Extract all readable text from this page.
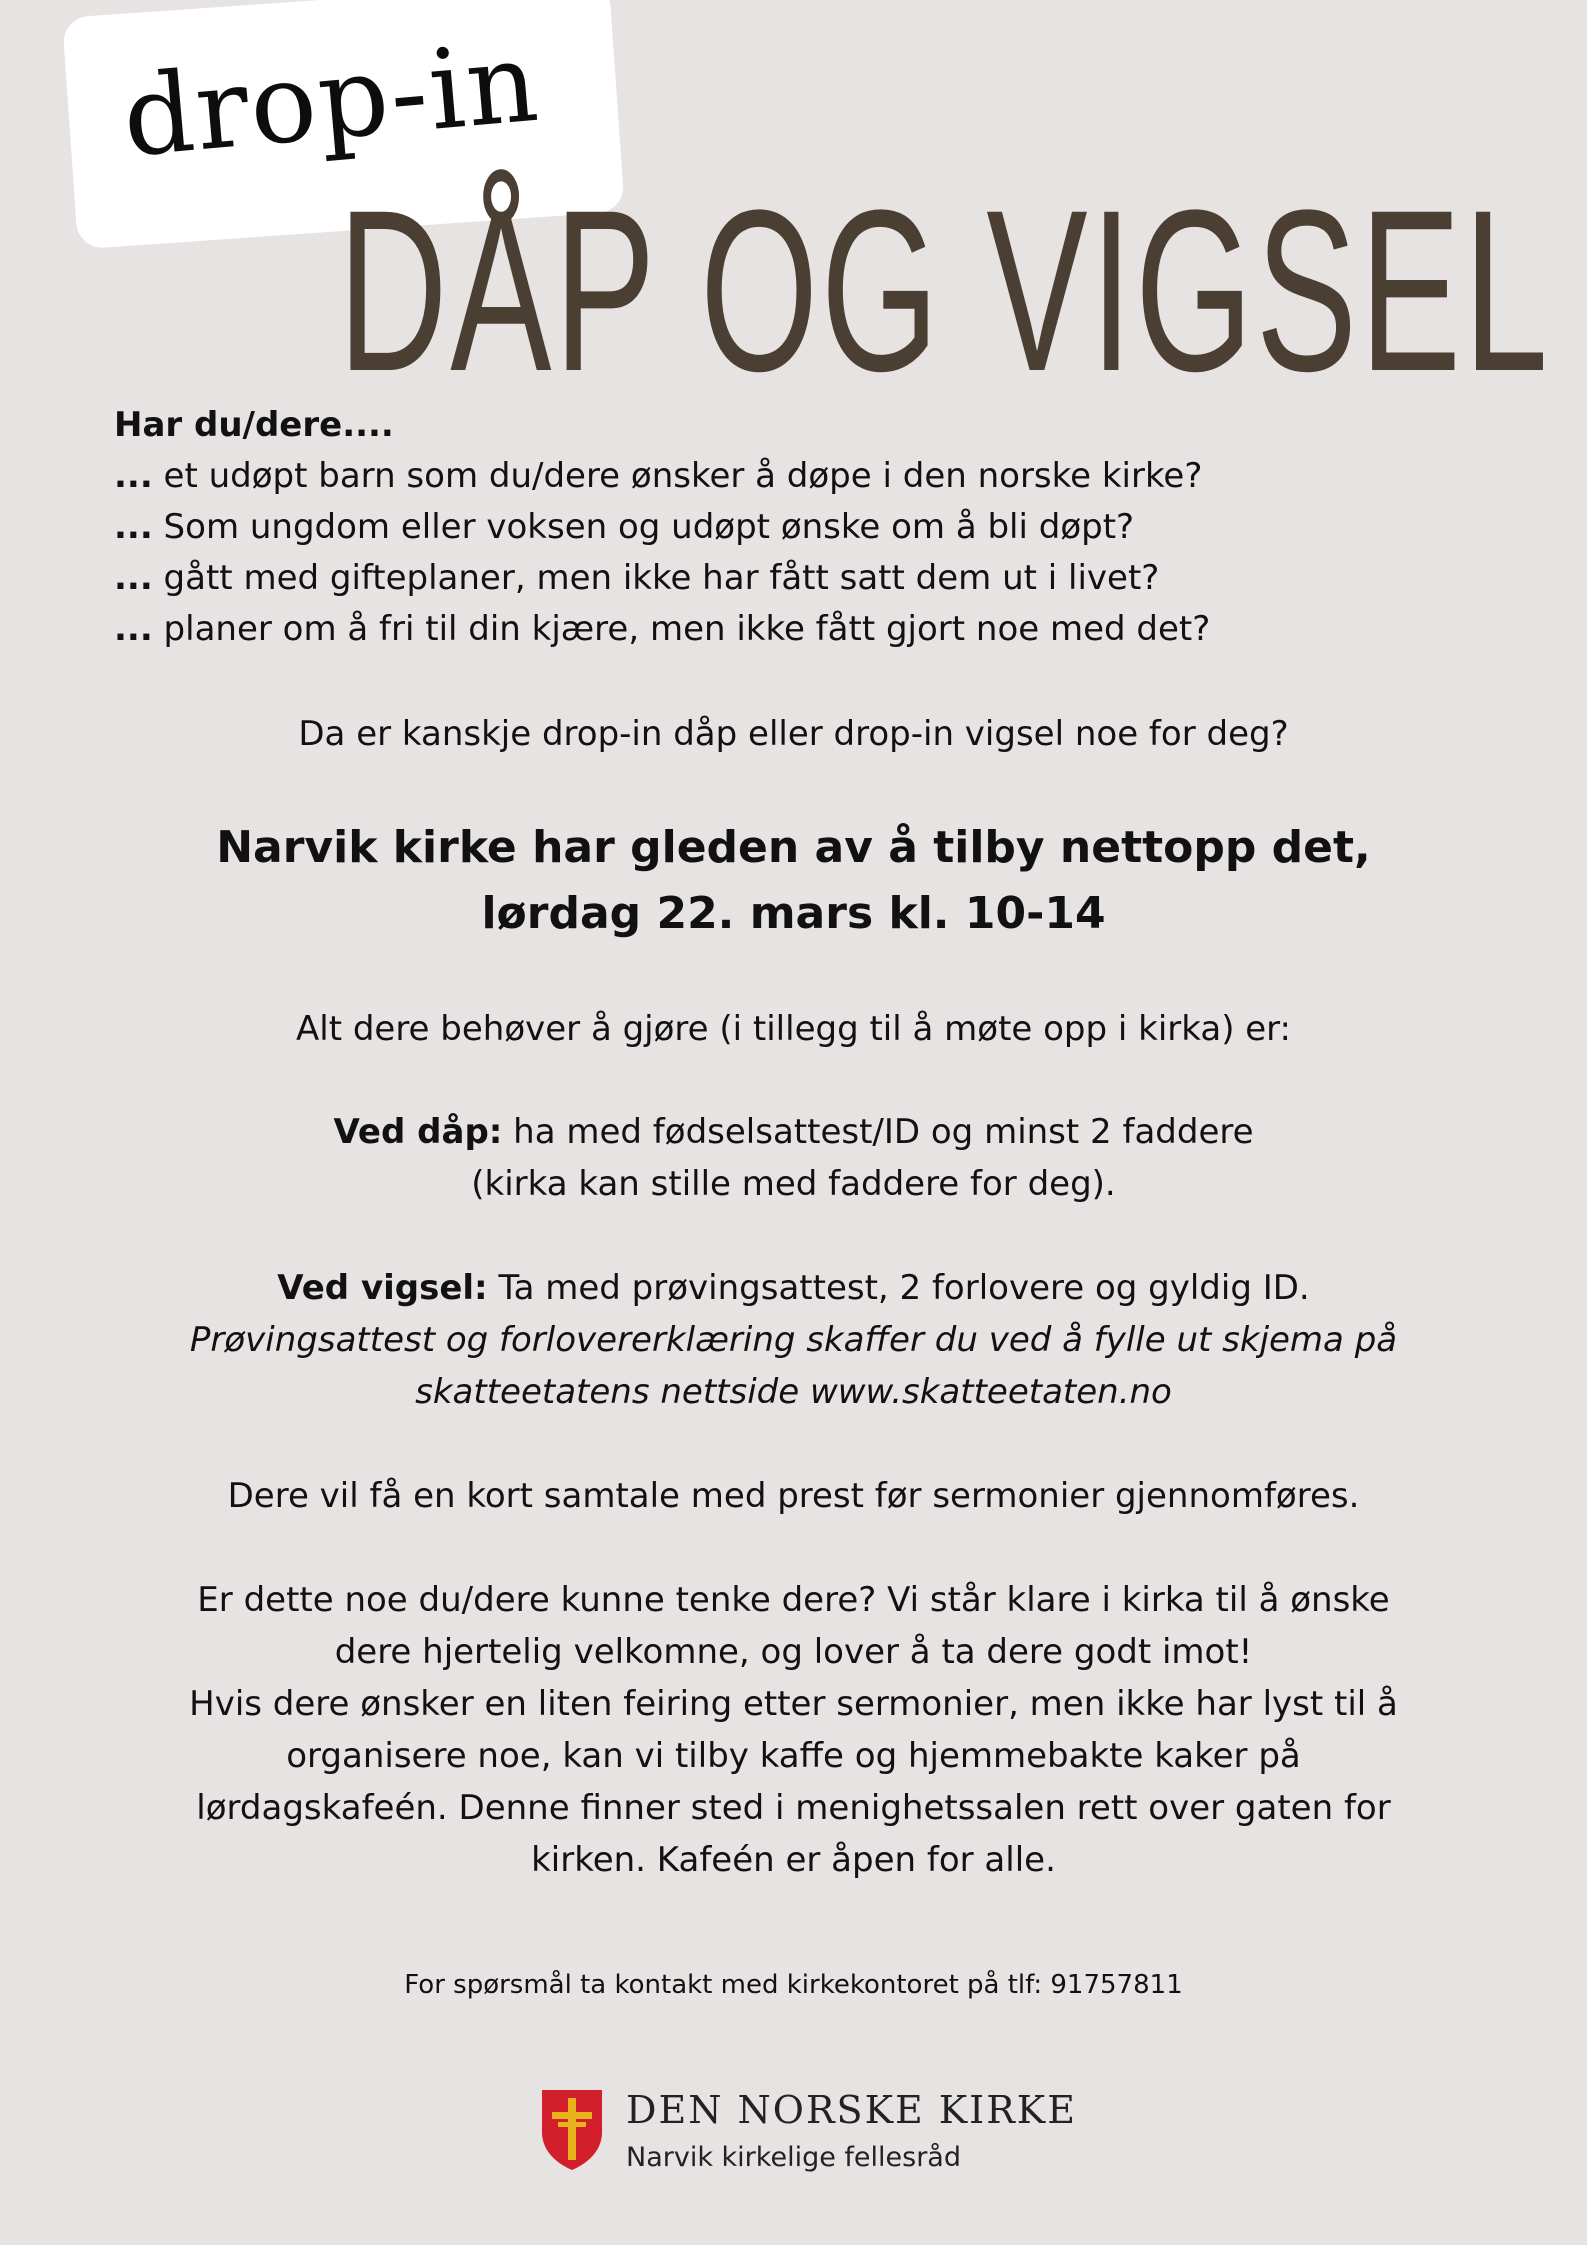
drop-in
DÅP OG VIGSEL
Har du/dere....
... et udøpt barn som du/dere ønsker å døpe i den norske kirke?
... Som ungdom eller voksen og udøpt ønske om å bli døpt?
... gått med gifteplaner, men ikke har fått satt dem ut i livet?
... planer om å fri til din kjære, men ikke fått gjort noe med det?
Da er kanskje drop-in dåp eller drop-in vigsel noe for deg?
Narvik kirke har gleden av å tilby nettopp det,
lørdag 22. mars kl. 10-14
Alt dere behøver å gjøre (i tillegg til å møte opp i kirka) er:
Ved dåp: ha med fødselsattest/ID og minst 2 faddere
(kirka kan stille med faddere for deg).
Ved vigsel: Ta med prøvingsattest, 2 forlovere og gyldig ID.
Prøvingsattest og forlovererklæring skaffer du ved å fylle ut skjema på
skatteetatens nettside www.skatteetaten.no
Dere vil få en kort samtale med prest før sermonier gjennomføres.
Er dette noe du/dere kunne tenke dere? Vi står klare i kirka til å ønske
dere hjertelig velkomne, og lover å ta dere godt imot!
Hvis dere ønsker en liten feiring etter sermonier, men ikke har lyst til å
organisere noe, kan vi tilby kaffe og hjemmebakte kaker på
lørdagskafeén. Denne finner sted i menighetssalen rett over gaten for
kirken. Kafeén er åpen for alle.
For spørsmål ta kontakt med kirkekontoret på tlf: 91757811
DEN NORSKE KIRKE
Narvik kirkelige fellesråd
